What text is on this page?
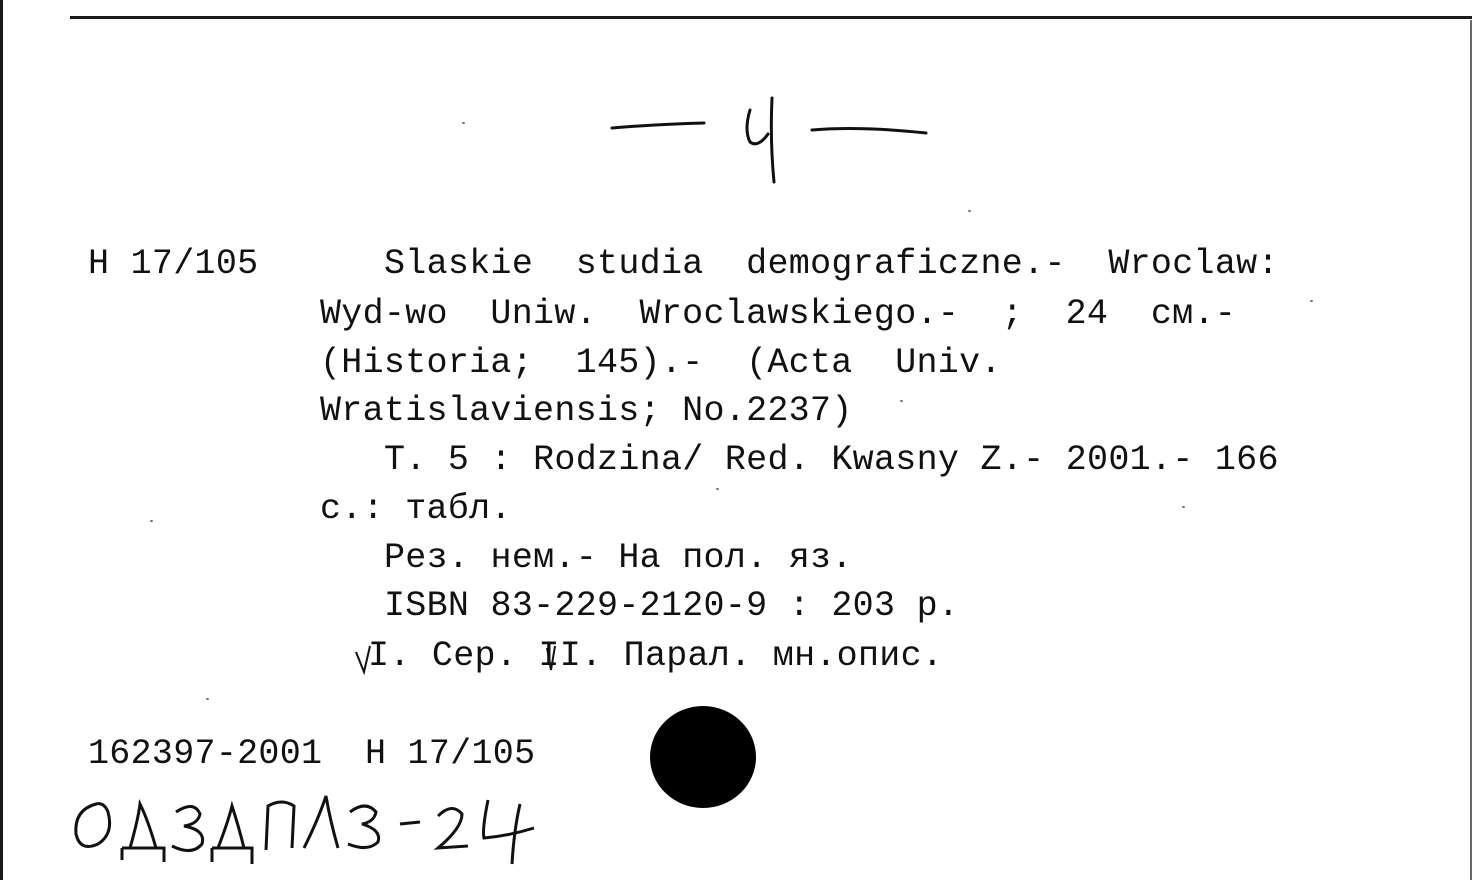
H 17/105	Slaskie  studia  demograficzne.-  Wroclaw:
Wyd-wo  Uniw.  Wroclawskiego.-  ;  24  см.-
(Historia;  145).-  (Acta  Univ.
Wratislaviensis; No.2237)
T. 5 : Rodzina/ Red. Kwasny Z.- 2001.- 166
с.: табл.
Рез. нем.- На пол. яз.
ISBN 83-229-2120-9 : 203 р.
I. Сер. II. Парал. мн.опис.
162397-2001  H 17/105
